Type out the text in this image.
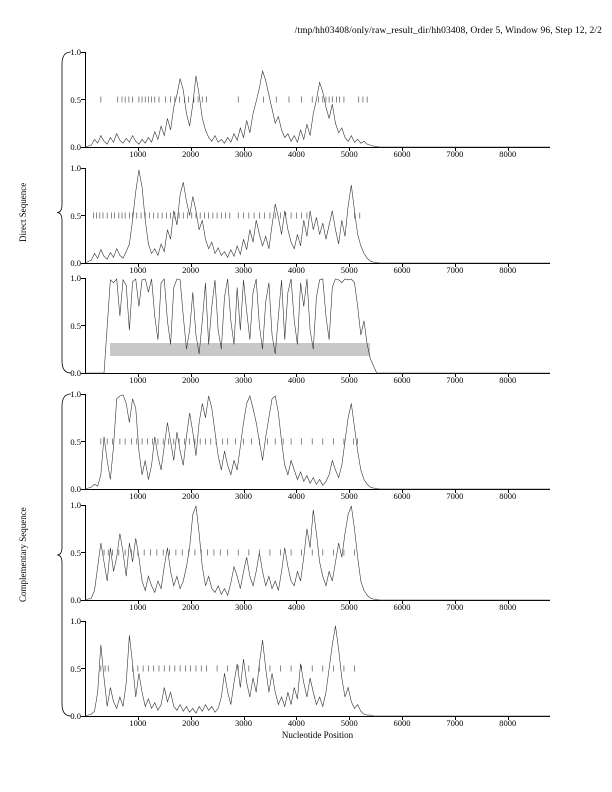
/tmp/hh03408/only/raw_result_dir/hh03408, Order 5, Window 96, Step 12, 2/2
0.0
0.5
1.0
1000	2000	3000	4000	5000	6000	7000	8000
0.0
0.5
1.0
1000	2000	3000	4000	5000	6000	7000	8000
0.0
0.5
1.0
1000	2000	3000	4000	5000	6000	7000	8000
0.0
0.5
1.0
1000	2000	3000	4000	5000	6000	7000	8000
0.0
0.5
1.0
1000	2000	3000	4000	5000	6000	7000	8000
0.0
0.5
1.0
1000	2000	3000	4000	5000	6000	7000	8000
Nucleotide Position
Direct Sequence
Complementary Sequence
